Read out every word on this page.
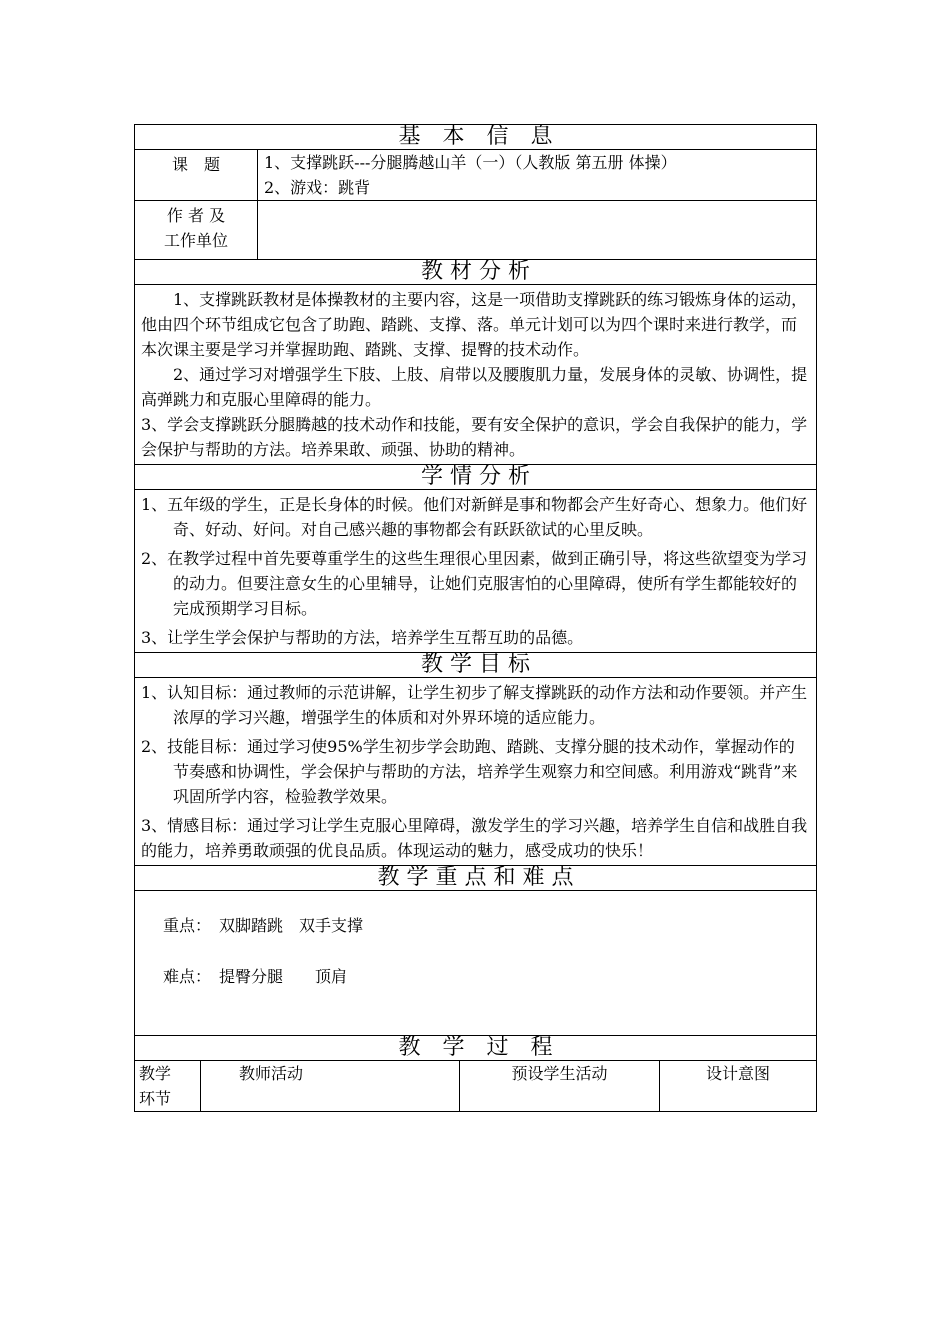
基　本　信　息				
课　题		1、支撑跳跃---分腿腾越山羊（一）（人教版 第五册 体操）
2、游戏：跳背		

作 者 及
工作单位				

教 材 分 析				

1、支撑跳跃教材是体操教材的主要内容，这是一项借助支撑跳跃的练习锻炼身体的运动，他由四个环节组成它包含了助跑、踏跳、支撑、落。单元计划可以为四个课时来进行教学，而本次课主要是学习并掌握助跑、踏跳、支撑、提臀的技术动作。

2、通过学习对增强学生下肢、上肢、肩带以及腰腹肌力量，发展身体的灵敏、协调性，提高弹跳力和克服心里障碍的能力。

3、学会支撑跳跃分腿腾越的技术动作和技能，要有安全保护的意识，学会自我保护的能力，学会保护与帮助的方法。培养果敢、顽强、协助的精神。				

学 情 分 析				

1、五年级的学生，正是长身体的时候。他们对新鲜是事和物都会产生好奇心、想象力。他们好奇、好动、好问。对自己感兴趣的事物都会有跃跃欲试的心里反映。

2、在教学过程中首先要尊重学生的这些生理很心里因素，做到正确引导，将这些欲望变为学习的动力。但要注意女生的心里辅导，让她们克服害怕的心里障碍，使所有学生都能较好的完成预期学习目标。

3、让学生学会保护与帮助的方法，培养学生互帮互助的品德。				

教 学 目 标				

1、认知目标：通过教师的示范讲解，让学生初步了解支撑跳跃的动作方法和动作要领。并产生浓厚的学习兴趣，增强学生的体质和对外界环境的适应能力。

2、技能目标：通过学习使95%学生初步学会助跑、踏跳、支撑分腿的技术动作，掌握动作的节奏感和协调性，学会保护与帮助的方法，培养学生观察力和空间感。利用游戏“跳背”来巩固所学内容，检验教学效果。

3、情感目标：通过学习让学生克服心里障碍，激发学生的学习兴趣，培养学生自信和战胜自我的能力，培养勇敢顽强的优良品质。体现运动的魅力，感受成功的快乐！				

教 学 重 点 和 难 点				

重点：　双脚踏跳　双手支撑

难点：　提臀分腿　　顶肩				

教　学　过　程				

教学环节	教师活动		预设学生活动	设计意图
